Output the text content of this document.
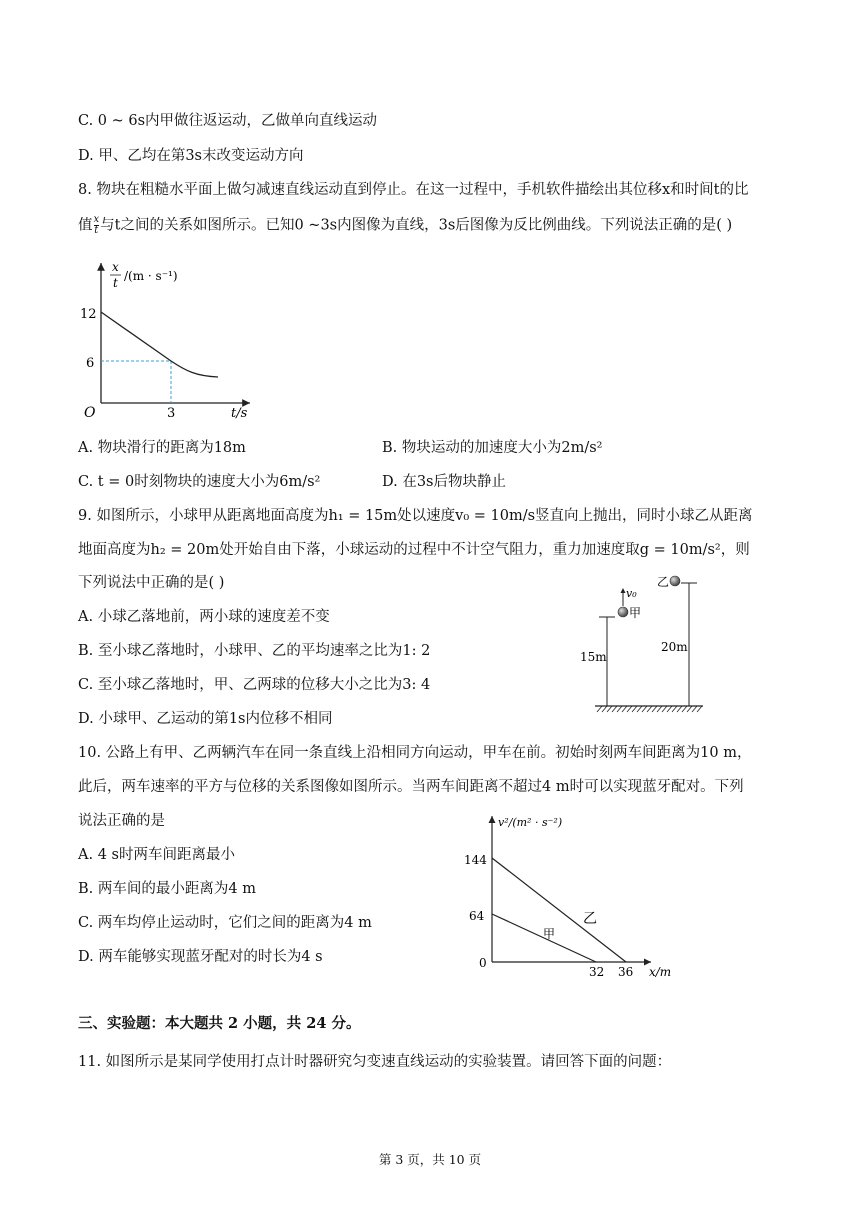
C. 0 ~ 6s内甲做往返运动，乙做单向直线运动
D. 甲、乙均在第3s末改变运动方向
8. 物块在粗糙水平面上做匀减速直线运动直到停止。在这一过程中，手机软件描绘出其位移x和时间t的比
值 $\frac{x}{t}$ 与t之间的关系如图所示。已知0 ~3s内图像为直线，3s后图像为反比例曲线。下列说法正确的是( )
x
t /(m · s⁻¹)
O
12
6
3	t/s
A. 物块滑行的距离为18m	B. 物块运动的加速度大小为2m/s²
C. t = 0时刻物块的速度大小为6m/s²	D. 在3s后物块静止
9. 如图所示，小球甲从距离地面高度为h₁ = 15m处以速度v₀ = 10m/s竖直向上抛出，同时小球乙从距离
地面高度为h₂ = 20m处开始自由下落，小球运动的过程中不计空气阻力，重力加速度取g = 10m/s²，则
下列说法中正确的是( )
A. 小球乙落地前，两小球的速度差不变
B. 至小球乙落地时，小球甲、乙的平均速率之比为1: 2
C. 至小球乙落地时，甲、乙两球的位移大小之比为3: 4
D. 小球甲、乙运动的第1s内位移不相同
甲
v₀
15m
乙
20m
10. 公路上有甲、乙两辆汽车在同一条直线上沿相同方向运动，甲车在前。初始时刻两车间距离为10 m，
此后，两车速率的平方与位移的关系图像如图所示。当两车间距离不超过4 m时可以实现蓝牙配对。下列
说法正确的是
A. 4 s时两车间距离最小
B. 两车间的最小距离为4 m
C. 两车均停止运动时，它们之间的距离为4 m
D. 两车能够实现蓝牙配对的时长为4 s
v²/(m² · s⁻²)
0
144
64
32 36 x/m
乙
甲
三、实验题：本大题共 2 小题，共 24 分。
11. 如图所示是某同学使用打点计时器研究匀变速直线运动的实验装置。请回答下面的问题：
第 3 页，共 10 页
